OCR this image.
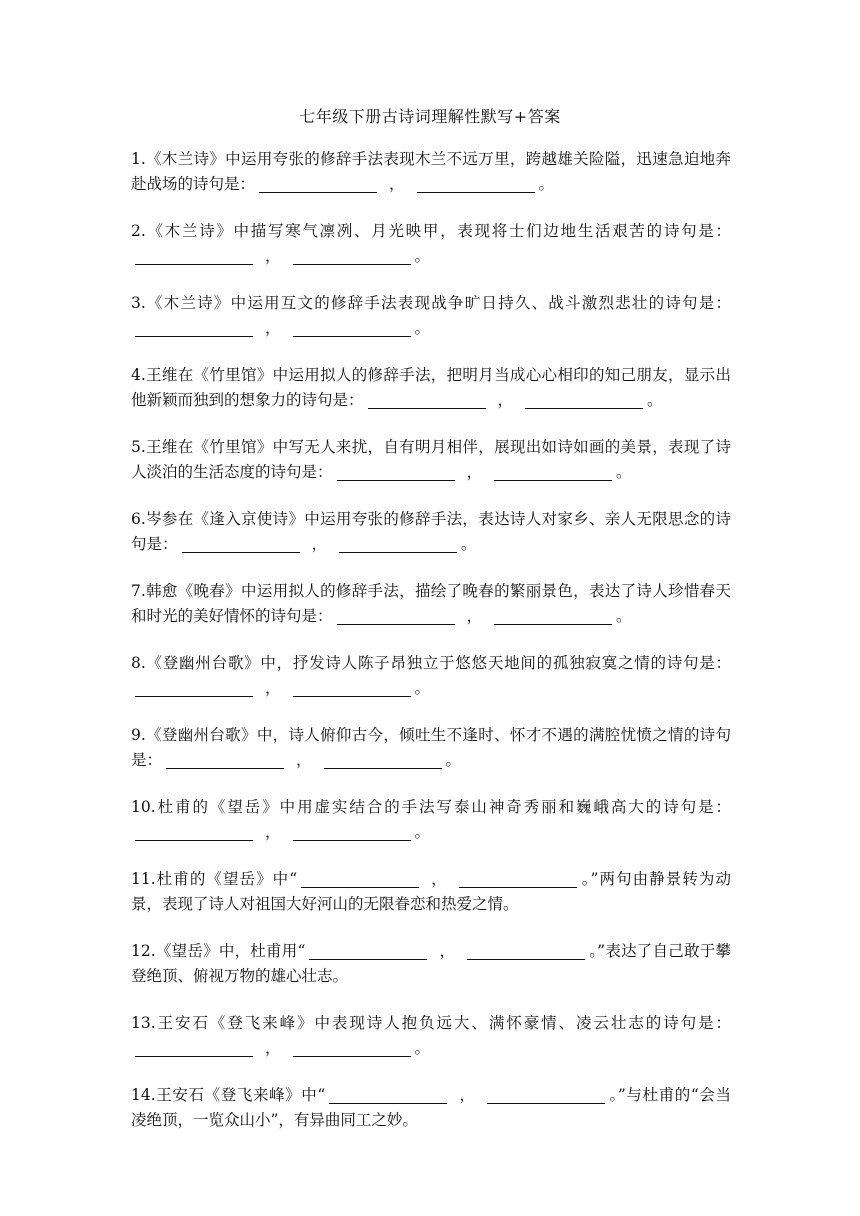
七年级下册古诗词理解性默写+答案

1.《木兰诗》中运用夸张的修辞手法表现木兰不远万里，跨越雄关险隘，迅速急迫地奔赴战场的诗句是：	，	。

2.《木兰诗》中描写寒气凛冽、月光映甲，表现将士们边地生活艰苦的诗句是：，	。

3.《木兰诗》中运用互文的修辞手法表现战争旷日持久、战斗激烈悲壮的诗句是：，	。

4.王维在《竹里馆》中运用拟人的修辞手法，把明月当成心心相印的知己朋友，显示出他新颖而独到的想象力的诗句是：	，	。

5.王维在《竹里馆》中写无人来扰，自有明月相伴，展现出如诗如画的美景，表现了诗人淡泊的生活态度的诗句是：	，	。

6.岑参在《逢入京使诗》中运用夸张的修辞手法，表达诗人对家乡、亲人无限思念的诗句是：	，	。

7.韩愈《晚春》中运用拟人的修辞手法，描绘了晚春的繁丽景色，表达了诗人珍惜春天和时光的美好情怀的诗句是：	，	。

8.《登幽州台歌》中，抒发诗人陈子昂独立于悠悠天地间的孤独寂寞之情的诗句是：，	。

9.《登幽州台歌》中，诗人俯仰古今，倾吐生不逢时、怀才不遇的满腔忧愤之情的诗句是：	，	。

10.杜甫的《望岳》中用虚实结合的手法写泰山神奇秀丽和巍峨高大的诗句是：，	。

11.杜甫的《望岳》中“	，	。”两句由静景转为动景，表现了诗人对祖国大好河山的无限眷恋和热爱之情。

12.《望岳》中，杜甫用“	，	。”表达了自己敢于攀登绝顶、俯视万物的雄心壮志。

13.王安石《登飞来峰》中表现诗人抱负远大、满怀豪情、凌云壮志的诗句是：，	。

14.王安石《登飞来峰》中“	，	。”与杜甫的“会当凌绝顶，一览众山小”，有异曲同工之妙。
